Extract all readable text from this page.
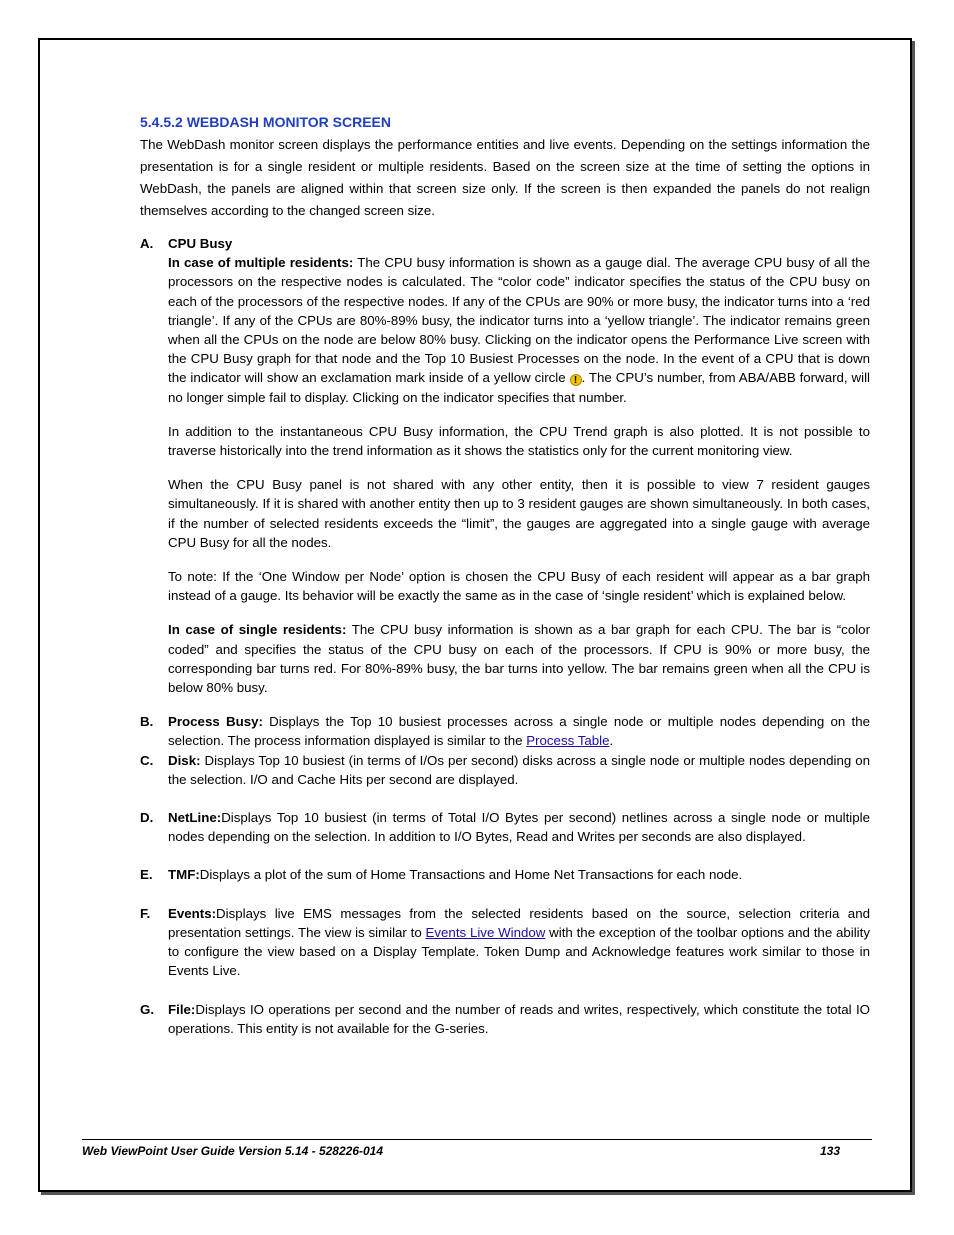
5.4.5.2 WEBDASH MONITOR SCREEN

The WebDash monitor screen displays the performance entities and live events. Depending on the settings information the presentation is for a single resident or multiple residents. Based on the screen size at the time of setting the options in WebDash, the panels are aligned within that screen size only. If the screen is then expanded the panels do not realign themselves according to the changed screen size.

A. CPU Busy

In case of multiple residents: The CPU busy information is shown as a gauge dial. The average CPU busy of all the processors on the respective nodes is calculated. The “color code” indicator specifies the status of the CPU busy on each of the processors of the respective nodes. If any of the CPUs are 90% or more busy, the indicator turns into a ‘red triangle’. If any of the CPUs are 80%-89% busy, the indicator turns into a ‘yellow triangle’. The indicator remains green when all the CPUs on the node are below 80% busy. Clicking on the indicator opens the Performance Live screen with the CPU Busy graph for that node and the Top 10 Busiest Processes on the node. In the event of a CPU that is down the indicator will show an exclamation mark inside of a yellow circle ! . The CPU’s number, from ABA/ABB forward, will no longer simple fail to display. Clicking on the indicator specifies that number.

In addition to the instantaneous CPU Busy information, the CPU Trend graph is also plotted. It is not possible to traverse historically into the trend information as it shows the statistics only for the current monitoring view.

When the CPU Busy panel is not shared with any other entity, then it is possible to view 7 resident gauges simultaneously. If it is shared with another entity then up to 3 resident gauges are shown simultaneously. In both cases, if the number of selected residents exceeds the “limit”, the gauges are aggregated into a single gauge with average CPU Busy for all the nodes.

To note: If the ‘One Window per Node’ option is chosen the CPU Busy of each resident will appear as a bar graph instead of a gauge. Its behavior will be exactly the same as in the case of ‘single resident’ which is explained below.

In case of single residents: The CPU busy information is shown as a bar graph for each CPU. The bar is “color coded” and specifies the status of the CPU busy on each of the processors. If CPU is 90% or more busy, the corresponding bar turns red. For 80%-89% busy, the bar turns into yellow. The bar remains green when all the CPU is below 80% busy.

B. Process Busy: Displays the Top 10 busiest processes across a single node or multiple nodes depending on the selection. The process information displayed is similar to the Process Table.

C. Disk: Displays Top 10 busiest (in terms of I/Os per second) disks across a single node or multiple nodes depending on the selection. I/O and Cache Hits per second are displayed.

D. NetLine:Displays Top 10 busiest (in terms of Total I/O Bytes per second) netlines across a single node or multiple nodes depending on the selection. In addition to I/O Bytes, Read and Writes per seconds are also displayed.

E. TMF:Displays a plot of the sum of Home Transactions and Home Net Transactions for each node.

F. Events:Displays live EMS messages from the selected residents based on the source, selection criteria and presentation settings. The view is similar to Events Live Window with the exception of the toolbar options and the ability to configure the view based on a Display Template. Token Dump and Acknowledge features work similar to those in Events Live.

G. File:Displays IO operations per second and the number of reads and writes, respectively, which constitute the total IO operations. This entity is not available for the G-series.

Web ViewPoint User Guide Version 5.14 - 528226-014	133
